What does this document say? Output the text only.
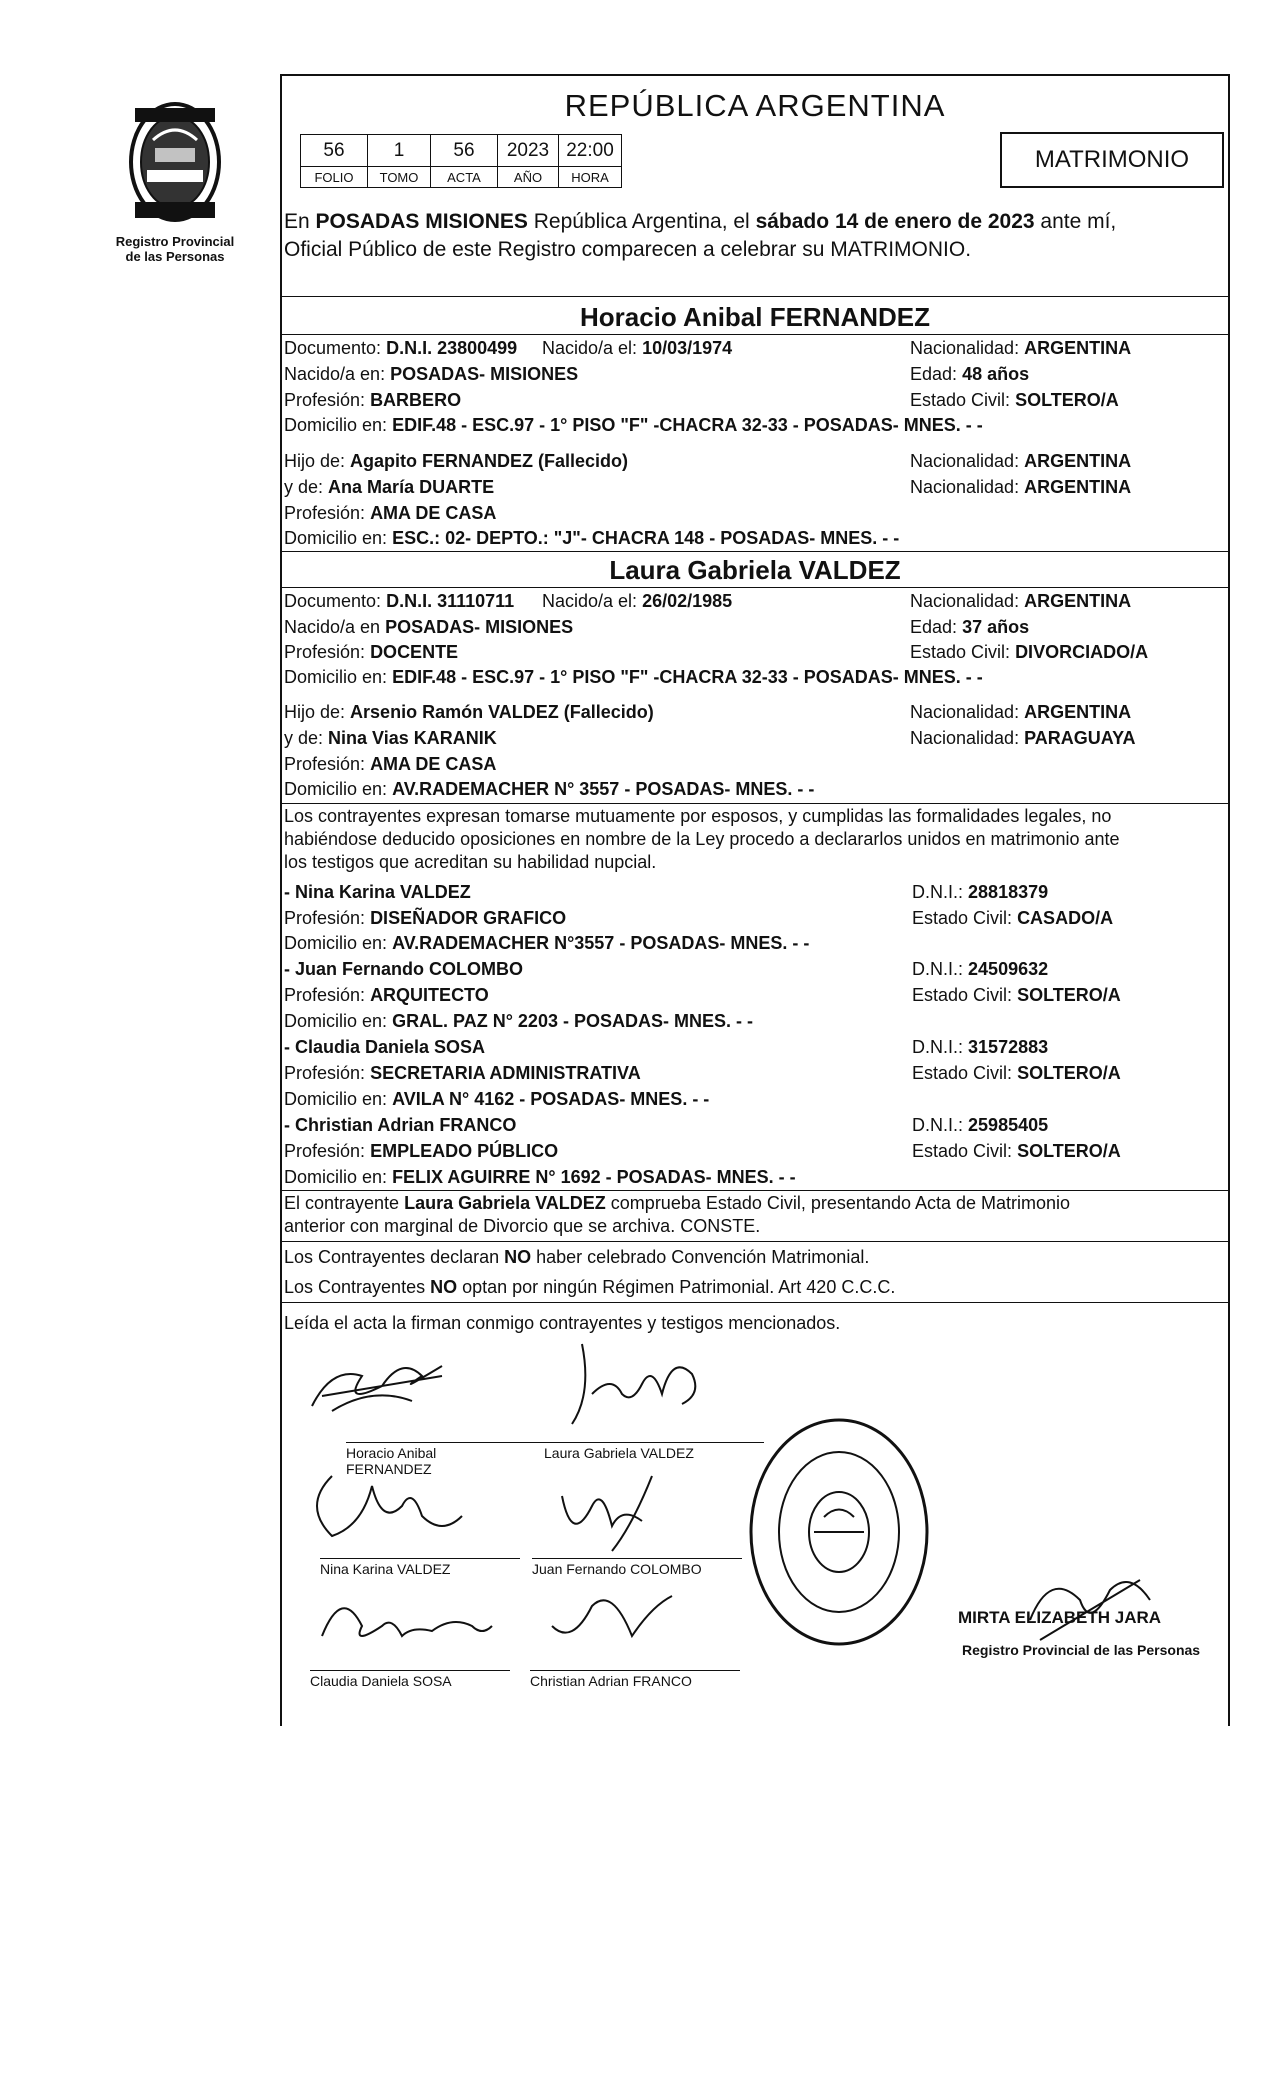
Registro Provincial
de las Personas
REPÚBLICA ARGENTINA
56	1	56	2023	22:00
FOLIO	TOMO	ACTA	AÑO	HORA
MATRIMONIO
En POSADAS MISIONES República Argentina, el sábado 14 de enero de 2023 ante mí,
Oficial Público de este Registro comparecen a celebrar su MATRIMONIO.
Horacio Anibal FERNANDEZ
Documento: D.N.I. 23800499 Nacido/a el: 10/03/1974	Nacionalidad: ARGENTINA
Nacido/a en: POSADAS- MISIONES	Edad: 48 años
Profesión: BARBERO	Estado Civil: SOLTERO/A
Domicilio en: EDIF.48 - ESC.97 - 1° PISO "F" -CHACRA 32-33 - POSADAS- MNES. - -
Hijo de: Agapito FERNANDEZ (Fallecido)	Nacionalidad: ARGENTINA
y de: Ana María DUARTE	Nacionalidad: ARGENTINA
Profesión: AMA DE CASA
Domicilio en: ESC.: 02- DEPTO.: "J"- CHACRA 148 - POSADAS- MNES. - -
Laura Gabriela VALDEZ
Documento: D.N.I. 31110711 Nacido/a el: 26/02/1985	Nacionalidad: ARGENTINA
Nacido/a en POSADAS- MISIONES	Edad: 37 años
Profesión: DOCENTE	Estado Civil: DIVORCIADO/A
Domicilio en: EDIF.48 - ESC.97 - 1° PISO "F" -CHACRA 32-33 - POSADAS- MNES. - -
Hijo de: Arsenio Ramón VALDEZ (Fallecido)	Nacionalidad: ARGENTINA
y de: Nina Vias KARANIK	Nacionalidad: PARAGUAYA
Profesión: AMA DE CASA
Domicilio en: AV.RADEMACHER N° 3557 - POSADAS- MNES. - -
Los contrayentes expresan tomarse mutuamente por esposos, y cumplidas las formalidades legales, no
habiéndose deducido oposiciones en nombre de la Ley procedo a declararlos unidos en matrimonio ante
los testigos que acreditan su habilidad nupcial.
- Nina Karina VALDEZ	D.N.I.: 28818379
Profesión: DISEÑADOR GRAFICO	Estado Civil: CASADO/A
Domicilio en: AV.RADEMACHER N°3557 - POSADAS- MNES. - -
- Juan Fernando COLOMBO	D.N.I.: 24509632
Profesión: ARQUITECTO	Estado Civil: SOLTERO/A
Domicilio en: GRAL. PAZ N° 2203 - POSADAS- MNES. - -
- Claudia Daniela SOSA	D.N.I.: 31572883
Profesión: SECRETARIA ADMINISTRATIVA	Estado Civil: SOLTERO/A
Domicilio en: AVILA N° 4162 - POSADAS- MNES. - -
- Christian Adrian FRANCO	D.N.I.: 25985405
Profesión: EMPLEADO PÚBLICO	Estado Civil: SOLTERO/A
Domicilio en: FELIX AGUIRRE N° 1692 - POSADAS- MNES. - -
El contrayente Laura Gabriela VALDEZ comprueba Estado Civil, presentando Acta de Matrimonio
anterior con marginal de Divorcio que se archiva. CONSTE.
Los Contrayentes declaran NO haber celebrado Convención Matrimonial.
Los Contrayentes NO optan por ningún Régimen Patrimonial. Art 420 C.C.C.
Leída el acta la firman conmigo contrayentes y testigos mencionados.
Horacio Anibal
FERNANDEZ
Laura Gabriela VALDEZ
Nina Karina VALDEZ	Juan Fernando COLOMBO
Claudia Daniela SOSA	Christian Adrian FRANCO
MIRTA ELIZABETH JARA
Registro Provincial de las Personas
